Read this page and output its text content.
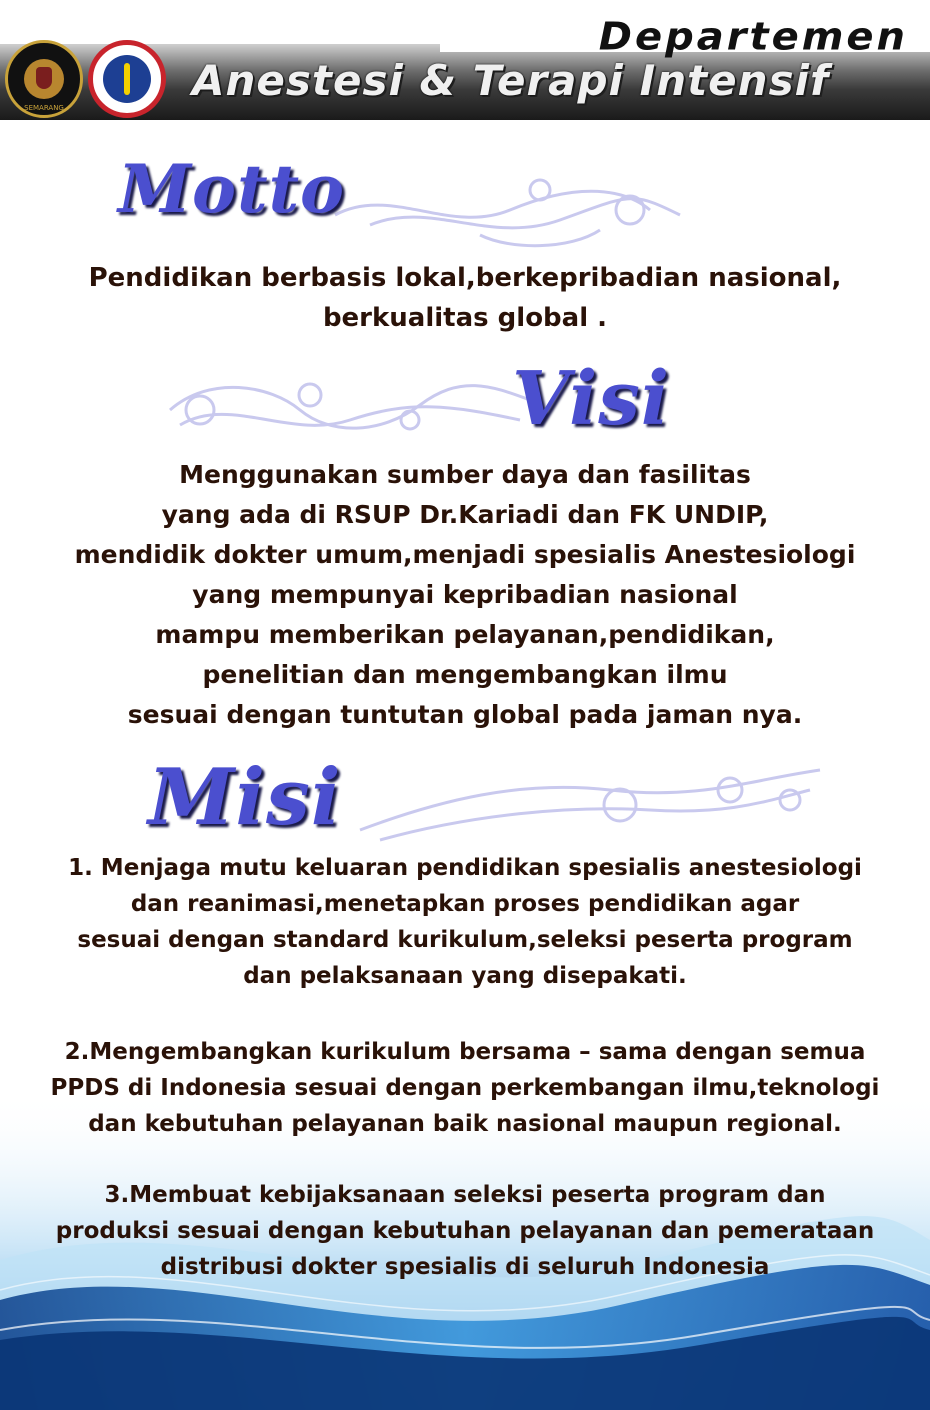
Departemen
Anestesi & Terapi Intensif
SEMARANG
Motto
Visi
Misi
Pendidikan berbasis lokal,berkepribadian nasional,
berkualitas global .
Menggunakan sumber daya dan fasilitas
yang ada di RSUP Dr.Kariadi dan FK UNDIP,
mendidik dokter umum,menjadi spesialis Anestesiologi
yang mempunyai kepribadian nasional
mampu memberikan pelayanan,pendidikan,
penelitian dan mengembangkan ilmu
sesuai dengan tuntutan global pada jaman nya.
1. Menjaga mutu keluaran pendidikan spesialis anestesiologi
dan reanimasi,menetapkan proses pendidikan agar
sesuai dengan standard kurikulum,seleksi peserta program
dan pelaksanaan yang disepakati.
2.Mengembangkan kurikulum bersama – sama dengan semua
PPDS di Indonesia sesuai dengan perkembangan ilmu,teknologi
dan kebutuhan pelayanan baik nasional maupun regional.
3.Membuat kebijaksanaan seleksi peserta program dan
produksi sesuai dengan kebutuhan pelayanan dan pemerataan
distribusi dokter spesialis di seluruh Indonesia
